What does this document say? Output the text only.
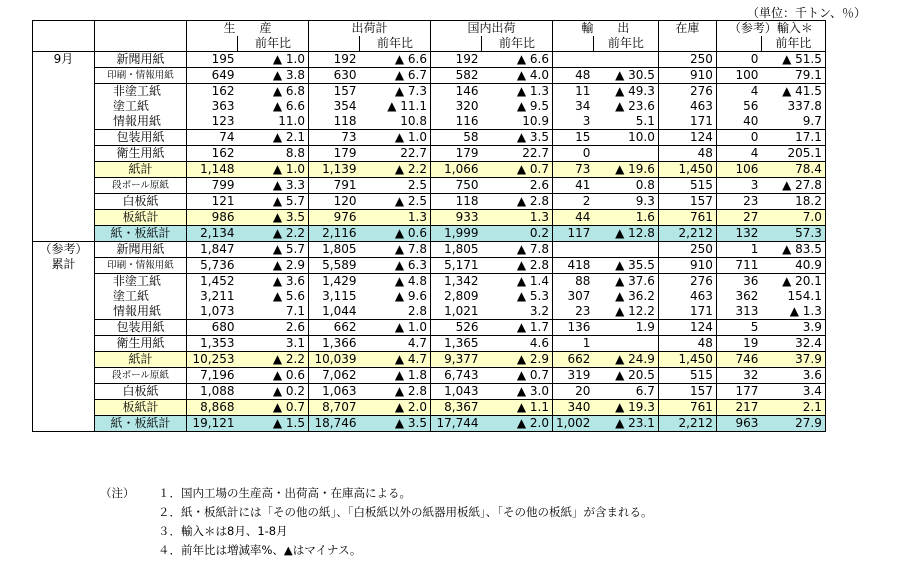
（単位：千トン、％）
		生　　産		出荷計		国内出荷		輸　　出		在庫	（参考）輸入＊	
			前年比		前年比		前年比		前年比			前年比

9月	新聞用紙	195	▲ 1.0	192	▲ 6.6	192	▲ 6.6			250	0	▲ 51.5
	印刷・情報用紙	649	▲ 3.8	630	▲ 6.7	582	▲ 4.0	48	▲ 30.5	910	100	79.1
	非塗工紙	162	▲ 6.8	157	▲ 7.3	146	▲ 1.3	11	▲ 49.3	276	4	▲ 41.5
	塗工紙	363	▲ 6.6	354	▲ 11.1	320	▲ 9.5	34	▲ 23.6	463	56	337.8
	情報用紙	123	11.0	118	10.8	116	10.9	3	5.1	171	40	9.7
	包装用紙	74	▲ 2.1	73	▲ 1.0	58	▲ 3.5	15	10.0	124	0	17.1
	衛生用紙	162	8.8	179	22.7	179	22.7	0		48	4	205.1
	紙計	1,148	▲ 1.0	1,139	▲ 2.2	1,066	▲ 0.7	73	▲ 19.6	1,450	106	78.4
	段ボール原紙	799	▲ 3.3	791	2.5	750	2.6	41	0.8	515	3	▲ 27.8
	白板紙	121	▲ 5.7	120	▲ 2.5	118	▲ 2.8	2	9.3	157	23	18.2
	板紙計	986	▲ 3.5	976	1.3	933	1.3	44	1.6	761	27	7.0
	紙・板紙計	2,134	▲ 2.2	2,116	▲ 0.6	1,999	0.2	117	▲ 12.8	2,212	132	57.3

（参考）
累計	新聞用紙	1,847	▲ 5.7	1,805	▲ 7.8	1,805	▲ 7.8			250	1	▲ 83.5
	印刷・情報用紙	5,736	▲ 2.9	5,589	▲ 6.3	5,171	▲ 2.8	418	▲ 35.5	910	711	40.9
	非塗工紙	1,452	▲ 3.6	1,429	▲ 4.8	1,342	▲ 1.4	88	▲ 37.6	276	36	▲ 20.1
	塗工紙	3,211	▲ 5.6	3,115	▲ 9.6	2,809	▲ 5.3	307	▲ 36.2	463	362	154.1
	情報用紙	1,073	7.1	1,044	2.8	1,021	3.2	23	▲ 12.2	171	313	▲ 1.3
	包装用紙	680	2.6	662	▲ 1.0	526	▲ 1.7	136	1.9	124	5	3.9
	衛生用紙	1,353	3.1	1,366	4.7	1,365	4.6	1		48	19	32.4
	紙計	10,253	▲ 2.2	10,039	▲ 4.7	9,377	▲ 2.9	662	▲ 24.9	1,450	746	37.9
	段ボール原紙	7,196	▲ 0.6	7,062	▲ 1.8	6,743	▲ 0.7	319	▲ 20.5	515	32	3.6
	白板紙	1,088	▲ 0.2	1,063	▲ 2.8	1,043	▲ 3.0	20	6.7	157	177	3.4
	板紙計	8,868	▲ 0.7	8,707	▲ 2.0	8,367	▲ 1.1	340	▲ 19.3	761	217	2.1
	紙・板紙計	19,121	▲ 1.5	18,746	▲ 3.5	17,744	▲ 2.0	1,002	▲ 23.1	2,212	963	27.9
（注） １．国内工場の生産高・出荷高・在庫高による。
２．紙・板紙計には「その他の紙」、「白板紙以外の紙器用板紙」、「その他の板紙」が含まれる。
３．輸入＊は8月、1-8月
４．前年比は増減率%、▲はマイナス。
